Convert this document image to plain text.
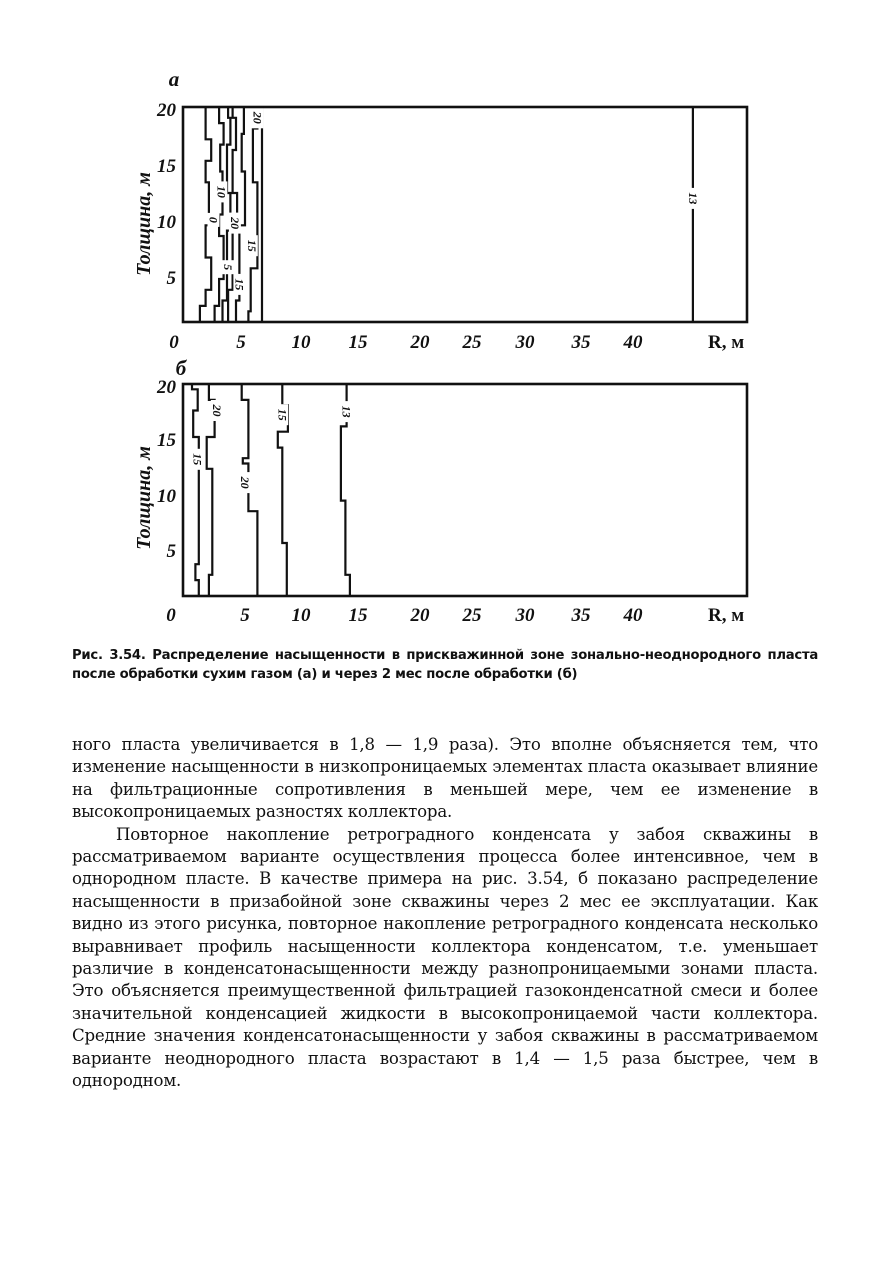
а
Толщина, м
20
15
10
5
0	5 10 15 20 25 30 35 40	R, м
0
10
5
20
15
15
20
13
б
Толщина, м
20
15
10
5
0	5 10 15 20 25 30 35 40	R, м
15
20
20
15	13
Рис. 3.54. Распределение насыщенности в прискважинной зоне зонально-неоднородного пласта после обработки сухим газом (а) и через 2 мес после обработки (б)

ного пласта увеличивается в 1,8 — 1,9 раза). Это вполне объясняется тем, что изменение насыщенности в низкопроницаемых элементах пласта оказывает влияние на фильтрационные сопротивления в меньшей мере, чем ее изменение в высокопроницаемых разностях коллектора.

Повторное накопление ретроградного конденсата у забоя скважины в рассматриваемом варианте осуществления процесса более интенсивное, чем в однородном пласте. В качестве примера на рис. 3.54, б показано распределение насыщенности в призабойной зоне скважины через 2 мес ее эксплуатации. Как видно из этого рисунка, повторное накопление ретроградного конденсата несколько выравнивает профиль насыщенности коллектора конденсатом, т.е. уменьшает различие в конденсатонасыщенности между разнопроницаемыми зонами пласта. Это объясняется преимущественной фильтрацией газоконденсатной смеси и более значительной конденсацией жидкости в высокопроницаемой части коллектора. Средние значения конденсатонасыщенности у забоя скважины в рассматриваемом варианте неоднородного пласта возрастают в 1,4 — 1,5 раза быстрее, чем в однородном.
